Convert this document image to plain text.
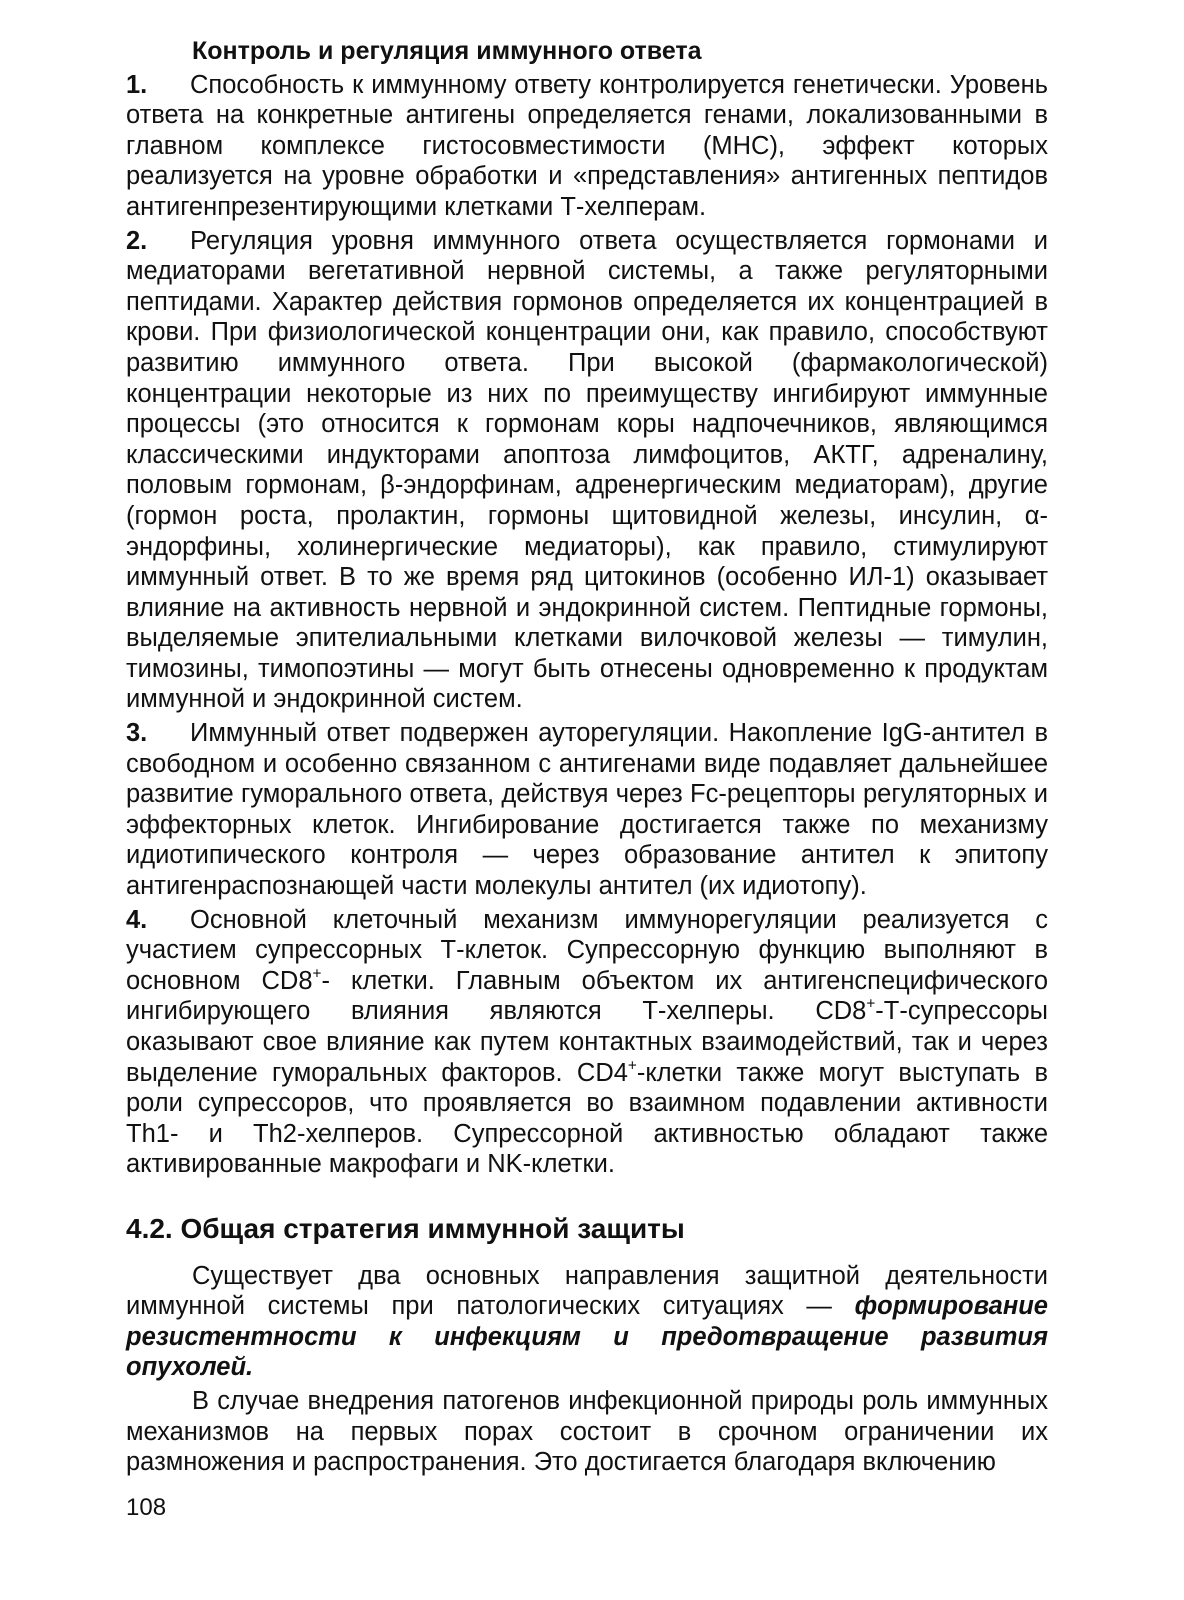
Контроль и регуляция иммунного ответа

1. Способность к иммунному ответу контролируется генетически. Уровень ответа на конкретные антигены определяется генами, локализованными в главном комплексе гистосовместимости (МНС), эффект которых реализуется на уровне обработки и «представления» антигенных пептидов антигенпрезентирующими клетками Т-хелперам.

2. Регуляция уровня иммунного ответа осуществляется гормонами и медиаторами вегетативной нервной системы, а также регуляторными пептидами. Характер действия гормонов определяется их концентрацией в крови. При физиологической концентрации они, как правило, способствуют развитию иммунного ответа. При высокой (фармакологической) концентрации некоторые из них по преимуществу ингибируют иммунные процессы (это относится к гормонам коры надпочечников, являющимся классическими индукторами апоптоза лимфоцитов, АКТГ, адреналину, половым гормонам, β-эндорфинам, адренергическим медиаторам), другие (гормон роста, пролактин, гормоны щитовидной железы, инсулин, α-эндорфины, холинергические медиаторы), как правило, стимулируют иммунный ответ. В то же время ряд цитокинов (особенно ИЛ-1) оказывает влияние на активность нервной и эндокринной систем. Пептидные гормоны, выделяемые эпителиальными клетками вилочковой железы — тимулин, тимозины, тимопоэтины — могут быть отнесены одновременно к продуктам иммунной и эндокринной систем.

3. Иммунный ответ подвержен ауторегуляции. Накопление IgG-антител в свободном и особенно связанном с антигенами виде подавляет дальнейшее развитие гуморального ответа, действуя через Fc-рецепторы регуляторных и эффекторных клеток. Ингибирование достигается также по механизму идиотипического контроля — через образование антител к эпитопу антигенраспознающей части молекулы антител (их идиотопу).

4. Основной клеточный механизм иммунорегуляции реализуется с участием супрессорных Т-клеток. Супрессорную функцию выполняют в основном CD8+- клетки. Главным объектом их антигенспецифического ингибирующего влияния являются Т-хелперы. CD8+-Т-супрессоры оказывают свое влияние как путем контактных взаимодействий, так и через выделение гуморальных факторов. CD4+-клетки также могут выступать в роли супрессоров, что проявляется во взаимном подавлении активности Th1- и Th2-хелперов. Супрессорной активностью обладают также активированные макрофаги и NK-клетки.

4.2. Общая стратегия иммунной защиты

Существует два основных направления защитной деятельности иммунной системы при патологических ситуациях — формирование резистентности к инфекциям и предотвращение развития опухолей.

В случае внедрения патогенов инфекционной природы роль иммунных механизмов на первых порах состоит в срочном ограничении их размножения и распространения. Это достигается благодаря включению

108
